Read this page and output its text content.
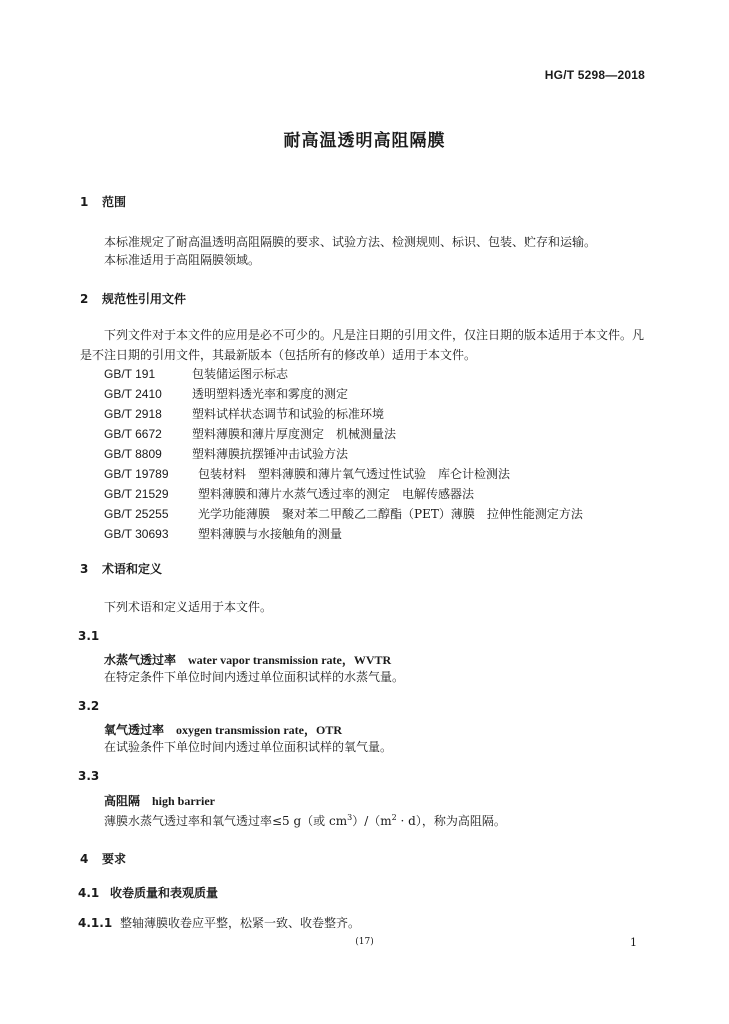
HG/T 5298—2018
耐高温透明高阻隔膜
1 范围
本标准规定了耐高温透明高阻隔膜的要求、试验方法、检测规则、标识、包装、贮存和运输。
本标准适用于高阻隔膜领域。
2 规范性引用文件
下列文件对于本文件的应用是必不可少的。凡是注日期的引用文件，仅注日期的版本适用于本文件。凡是不注日期的引用文件，其最新版本（包括所有的修改单）适用于本文件。
GB/T 191	包装储运图示标志
GB/T 2410	透明塑料透光率和雾度的测定
GB/T 2918	塑料试样状态调节和试验的标准环境
GB/T 6672	塑料薄膜和薄片厚度测定　机械测量法
GB/T 8809	塑料薄膜抗摆锤冲击试验方法
GB/T 19789 包装材料　塑料薄膜和薄片氧气透过性试验　库仑计检测法
GB/T 21529 塑料薄膜和薄片水蒸气透过率的测定　电解传感器法
GB/T 25255 光学功能薄膜　聚对苯二甲酸乙二醇酯（PET）薄膜　拉伸性能测定方法
GB/T 30693 塑料薄膜与水接触角的测量
3 术语和定义
下列术语和定义适用于本文件。
3.1
水蒸气透过率　water vapor transmission rate，WVTR
在特定条件下单位时间内透过单位面积试样的水蒸气量。
3.2
氧气透过率　oxygen transmission rate，OTR
在试验条件下单位时间内透过单位面积试样的氧气量。
3.3
高阻隔　high barrier
薄膜水蒸气透过率和氧气透过率≤5 g（或 $cm^3)/(m^2 \cdot d)$，称为高阻隔。
4 要求
4.1 收卷质量和表观质量
4.1.1 整轴薄膜收卷应平整，松紧一致、收卷整齐。
(17)	1
